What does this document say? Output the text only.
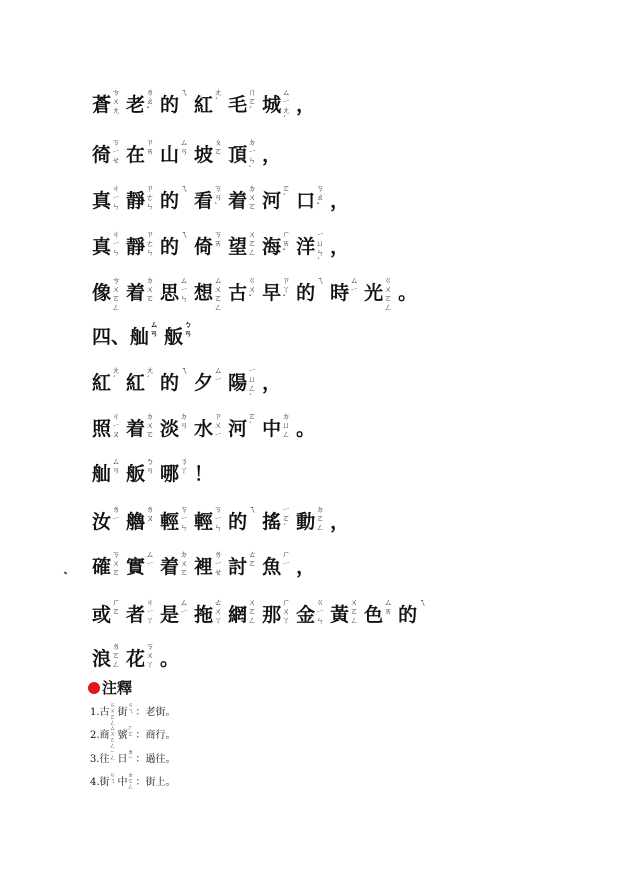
蒼ㄘㄨㄤ 老ㄌㄠˇ 的ㄟ紅ㄤˊ 毛ㄇㄛˊ 城ㄙㄧㄤˊ，
徛ㄎㄧㄝ 在ㄗㄞ 山ㄙㄢ 坡ㄆㄛ 頂ㄉㄧㄣˋ，
真ㄐㄧㄣ 靜ㄗㄜㄣ 的ㄟ看ㄎㄢˋ 着ㄉㄨㄛ 河ㄛˊ 口ㄎㄠˇ ，
真ㄐㄧㄣ 靜ㄗㄜㄣ 的ㄟ倚ㄎㄞ 望ㄨㄛㄥ 海ㄏㄞˇ 洋ㄧㄩㄣˊ，
像ㄘㄨㄛㄥ着ㄉㄨㄛ 思ㄙㄧㄣ 想ㄙㄨㄛㄥ古ㄍㄨˇ 早ㄗㄚˇ 的ㄟ時ㄙㄧ 光ㄍㄨㄛㄥ。
四、舢ㄙㄢ 舨ㄅㄢ
紅ㄤˊ 紅ㄤˊ 的ㄟ夕ㄙㄧ 陽ㄧㄩㄥˊ，
照ㄐㄧㄡ 着ㄉㄨㄛ 淡ㄉㄢ 水ㄗㄨㄧ 河ㄛˊ 中ㄉㄩㄥ 。
舢ㄙㄢ 舨ㄅㄢ 哪ㄋㄚ ！
汝ㄌㄧ 艪ㄌㄡ 輕ㄎㄧㄣ 輕ㄎㄧㄣ 的ㄟ搖ㄧㄛˊ 動ㄉㄛㄥ ，
確ㄎㄨㄛ 實ㄙㄧ 着ㄉㄨㄛ 裡ㄌㄧㄝ 討ㄊㄛ 魚ㄏㄧ ，
或ㄏㄛ 者ㄐㄧㄚ 是ㄙㄧ 拖ㄊㄨㄚ 網ㄨㄛㄥ 那ㄏㄨㄚ 金ㄍㄧㄣ 黃ㄨㄛㄥ 色ㄙㄞ 的ㄟ
浪ㄌㄛㄥ 花ㄎㄨㄚ 。
注釋
1.古ㄍㄨㄛㄥ街ㄍㄟ ：老街。
2.商ㄙㄨㄛㄥ號ㄏㄛ ：商行。
3.往ㄧㄥ 日ㄌㄧ ：過往。
4.街ㄍㄟ 中ㄉㄛㄥ ：街上。
